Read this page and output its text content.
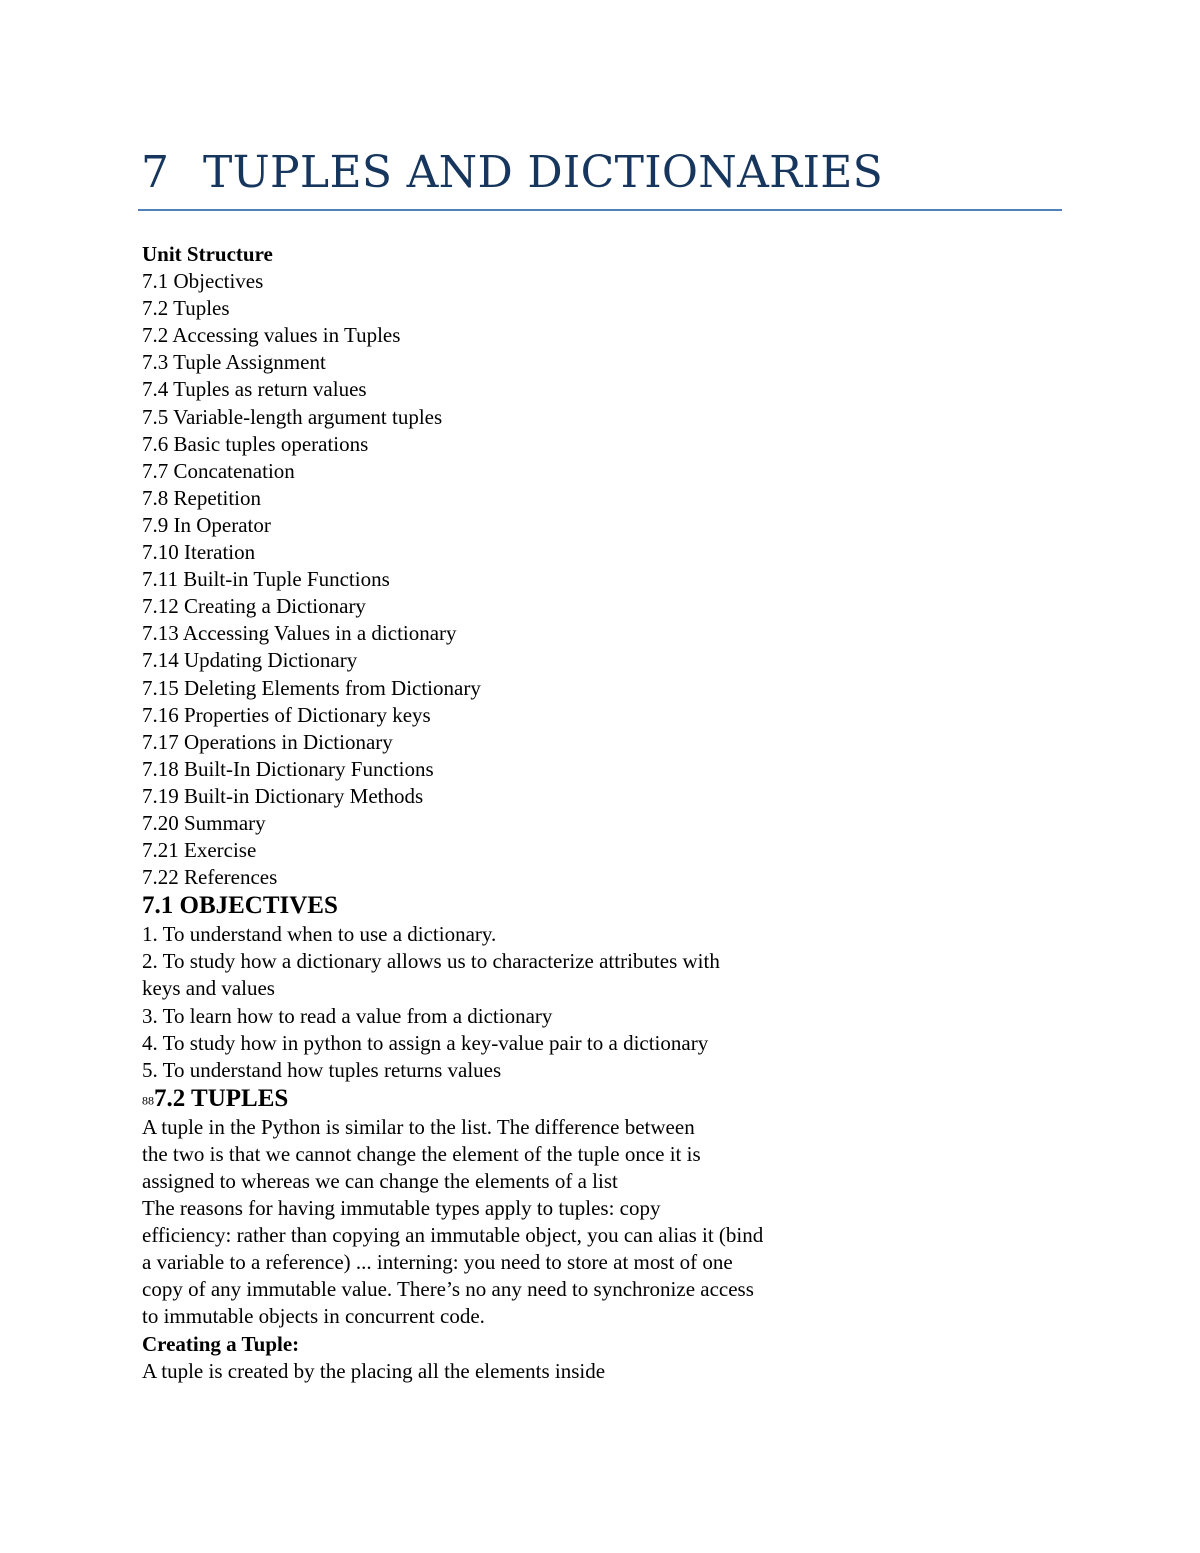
7 TUPLES AND DICTIONARIES
Unit Structure
7.1 Objectives
7.2 Tuples
7.2 Accessing values in Tuples
7.3 Tuple Assignment
7.4 Tuples as return values
7.5 Variable-length argument tuples
7.6 Basic tuples operations
7.7 Concatenation
7.8 Repetition
7.9 In Operator
7.10 Iteration
7.11 Built-in Tuple Functions
7.12 Creating a Dictionary
7.13 Accessing Values in a dictionary
7.14 Updating Dictionary
7.15 Deleting Elements from Dictionary
7.16 Properties of Dictionary keys
7.17 Operations in Dictionary
7.18 Built-In Dictionary Functions
7.19 Built-in Dictionary Methods
7.20 Summary
7.21 Exercise
7.22 References
7.1 OBJECTIVES
1. To understand when to use a dictionary.
2. To study how a dictionary allows us to characterize attributes with
keys and values
3. To learn how to read a value from a dictionary
4. To study how in python to assign a key-value pair to a dictionary
5. To understand how tuples returns values
887.2 TUPLES
A tuple in the Python is similar to the list. The difference between
the two is that we cannot change the element of the tuple once it is
assigned to whereas we can change the elements of a list
The reasons for having immutable types apply to tuples: copy
efficiency: rather than copying an immutable object, you can alias it (bind
a variable to a reference) ... interning: you need to store at most of one
copy of any immutable value. There’s no any need to synchronize access
to immutable objects in concurrent code.
Creating a Tuple:
A tuple is created by the placing all the elements inside
